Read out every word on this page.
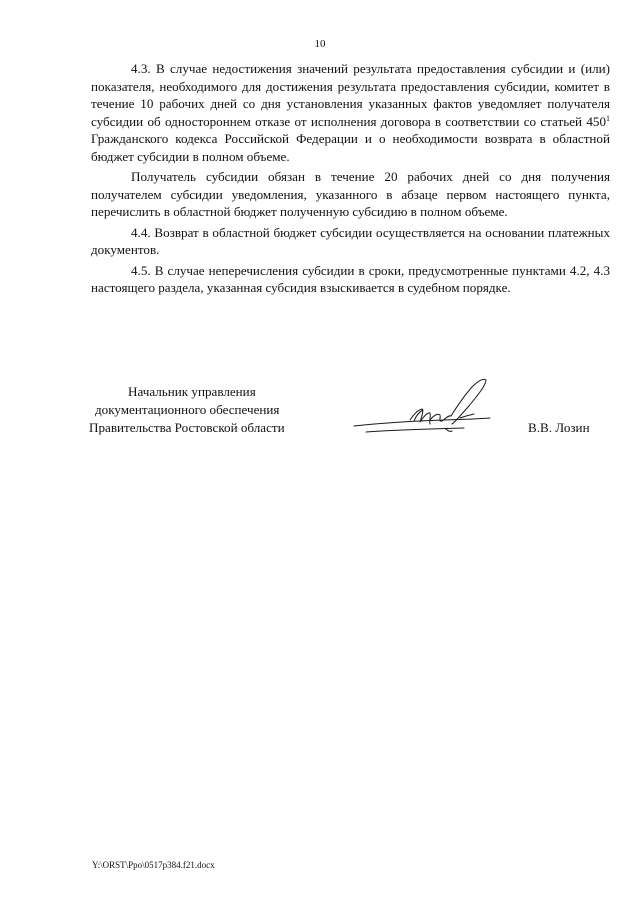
10

4.3. В случае недостижения значений результата предоставления субсидии и (или) показателя, необходимого для достижения результата предоставления субсидии, комитет в течение 10 рабочих дней со дня установления указанных фактов уведомляет получателя субсидии об одностороннем отказе от исполнения договора в соответствии со статьей $450^1$ Гражданского кодекса Российской Федерации и о необходимости возврата в областной бюджет субсидии в полном объеме.

Получатель субсидии обязан в течение 20 рабочих дней со дня получения получателем субсидии уведомления, указанного в абзаце первом настоящего пункта, перечислить в областной бюджет полученную субсидию в полном объеме.

4.4. Возврат в областной бюджет субсидии осуществляется на основании платежных документов.

4.5. В случае неперечисления субсидии в сроки, предусмотренные пунктами 4.2, 4.3 настоящего раздела, указанная субсидия взыскивается в судебном порядке.

Начальник управления
документационного обеспечения
Правительства Ростовской области	В.В. Лозин
Y:\ORST\Ppo\0517p384.f21.docx
